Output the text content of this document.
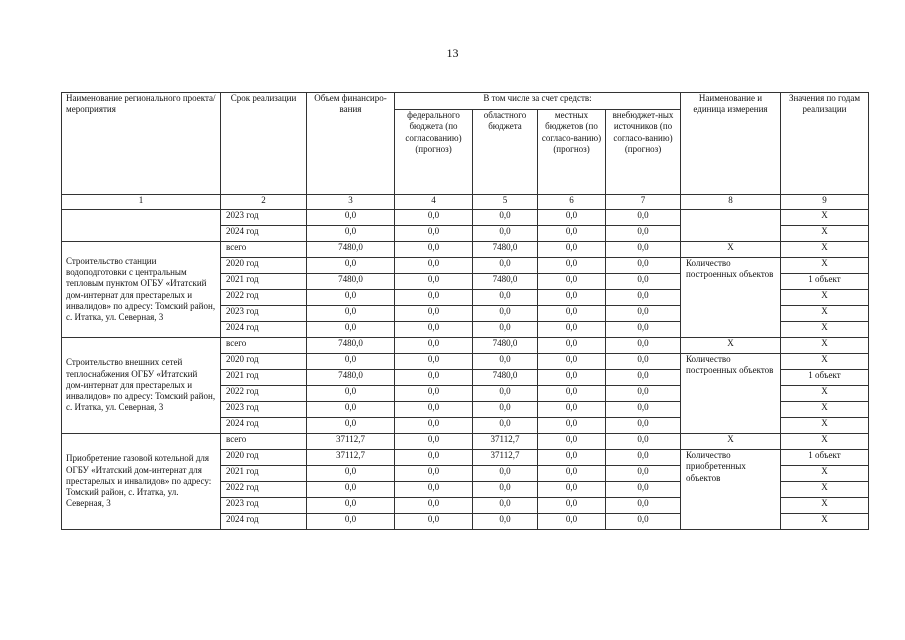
13
Наименование регионального проекта/ мероприятия	Срок реализации	Объем финансиро-вания	В том числе за счет средств:				Наименование и единица измерения	Значения по годам реализации
			федерального бюджета (по согласованию) (прогноз)	областного бюджета	местных бюджетов (по согласо-ванию) (прогноз)	внебюджет-ных источников (по согласо-ванию) (прогноз)		
1	2	3	4	5	6	7	8	9
	2023 год	0,0	0,0	0,0	0,0	0,0		Х
	2024 год	0,0	0,0	0,0	0,0	0,0		Х
Строительство станции водоподготовки с центральным тепловым пунктом ОГБУ «Итатский дом-интернат для престарелых и инвалидов» по адресу: Томский район, с. Итатка, ул. Северная, 3	всего	7480,0	0,0	7480,0	0,0	0,0	Х	Х
	2020 год	0,0	0,0	0,0	0,0	0,0	Количество построенных объектов	Х
	2021 год	7480,0	0,0	7480,0	0,0	0,0		1 объект
	2022 год	0,0	0,0	0,0	0,0	0,0		Х
	2023 год	0,0	0,0	0,0	0,0	0,0		Х
	2024 год	0,0	0,0	0,0	0,0	0,0		Х
Строительство внешних сетей теплоснабжения ОГБУ «Итатский дом-интернат для престарелых и инвалидов» по адресу: Томский район, с. Итатка, ул. Северная, 3	всего	7480,0	0,0	7480,0	0,0	0,0	Х	Х
	2020 год	0,0	0,0	0,0	0,0	0,0	Количество построенных объектов	Х
	2021 год	7480,0	0,0	7480,0	0,0	0,0		1 объект
	2022 год	0,0	0,0	0,0	0,0	0,0		Х
	2023 год	0,0	0,0	0,0	0,0	0,0		Х
	2024 год	0,0	0,0	0,0	0,0	0,0		Х
Приобретение газовой котельной для ОГБУ «Итатский дом-интернат для престарелых и инвалидов» по адресу: Томский район, с. Итатка, ул. Северная, 3	всего	37112,7	0,0	37112,7	0,0	0,0	Х	Х
	2020 год	37112,7	0,0	37112,7	0,0	0,0	Количество приобретенных объектов	1 объект
	2021 год	0,0	0,0	0,0	0,0	0,0		Х
	2022 год	0,0	0,0	0,0	0,0	0,0		Х
	2023 год	0,0	0,0	0,0	0,0	0,0		Х
	2024 год	0,0	0,0	0,0	0,0	0,0		Х
